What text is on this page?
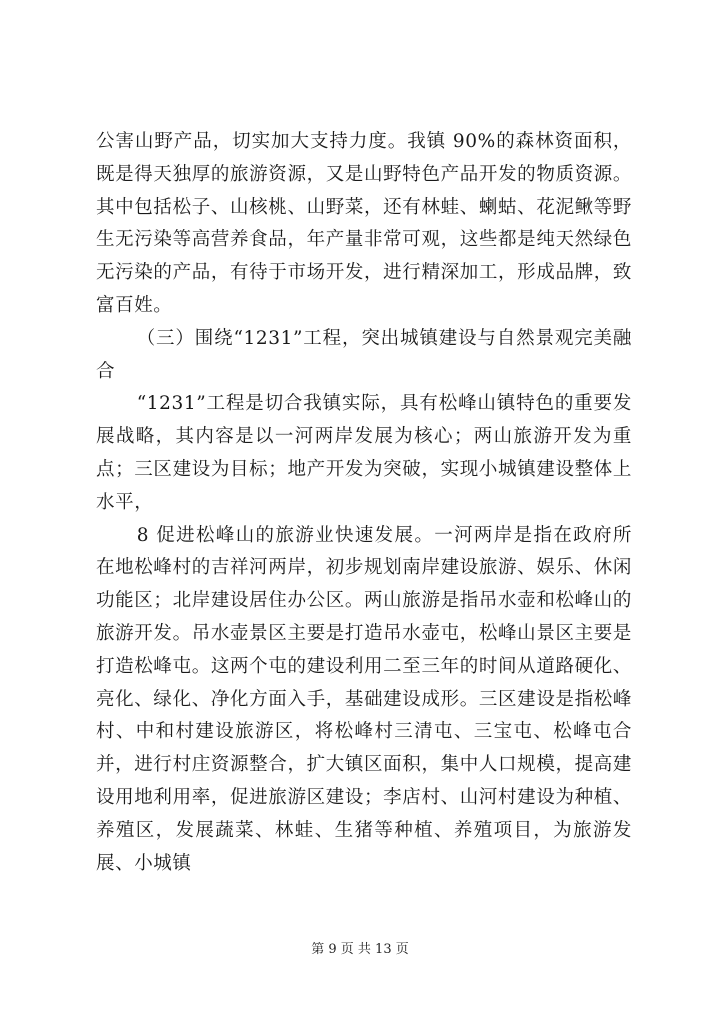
公害山野产品，切实加大支持力度。我镇 90%的森林资面积，既是得天独厚的旅游资源，又是山野特色产品开发的物质资源。其中包括松子、山核桃、山野菜，还有林蛙、蝲蛄、花泥鳅等野生无污染等高营养食品，年产量非常可观，这些都是纯天然绿色无污染的产品，有待于市场开发，进行精深加工，形成品牌，致富百姓。

（三）围绕“1231”工程，突出城镇建设与自然景观完美融合

“1231”工程是切合我镇实际，具有松峰山镇特色的重要发展战略，其内容是以一河两岸发展为核心；两山旅游开发为重点；三区建设为目标；地产开发为突破，实现小城镇建设整体上水平，

8 促进松峰山的旅游业快速发展。一河两岸是指在政府所在地松峰村的吉祥河两岸，初步规划南岸建设旅游、娱乐、休闲功能区；北岸建设居住办公区。两山旅游是指吊水壶和松峰山的旅游开发。吊水壶景区主要是打造吊水壶屯，松峰山景区主要是打造松峰屯。这两个屯的建设利用二至三年的时间从道路硬化、亮化、绿化、净化方面入手，基础建设成形。三区建设是指松峰村、中和村建设旅游区，将松峰村三清屯、三宝屯、松峰屯合并，进行村庄资源整合，扩大镇区面积，集中人口规模，提高建设用地利用率，促进旅游区建设；李店村、山河村建设为种植、养殖区，发展蔬菜、林蛙、生猪等种植、养殖项目，为旅游发展、小城镇

第 9 页 共 13 页
